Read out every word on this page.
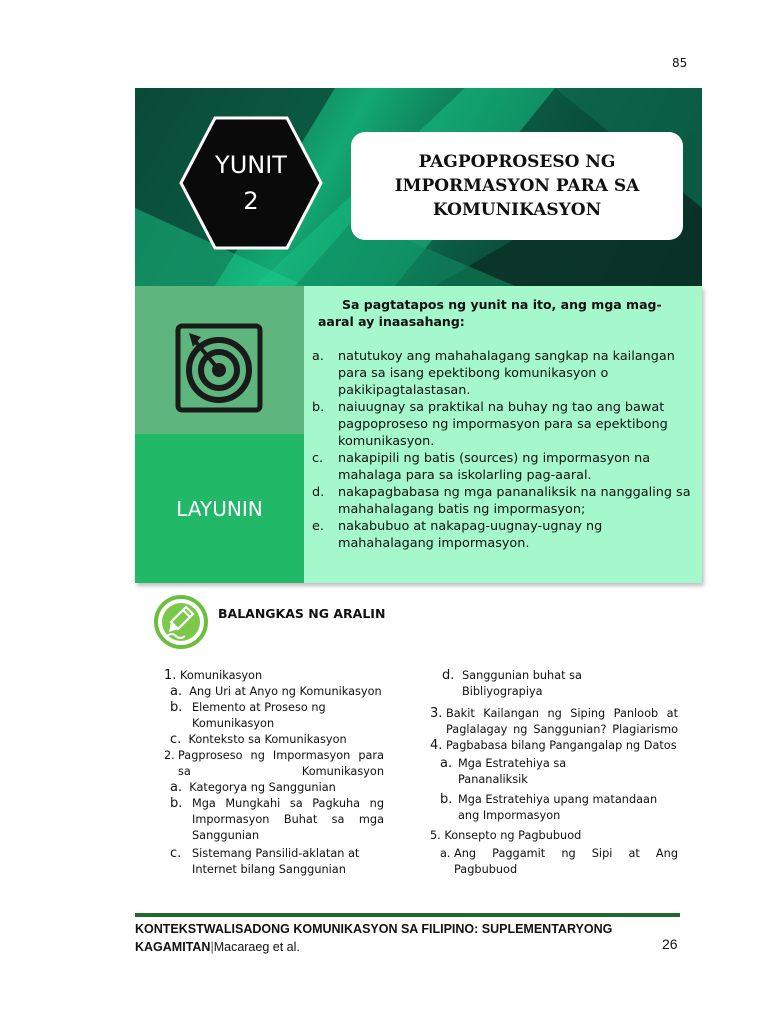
85
YUNIT
2
PAGPOPROSESO NG
IMPORMASYON PARA SA
KOMUNIKASYON
LAYUNIN
Sa pagtatapos ng yunit na ito, ang mga mag-aaral ay inaasahang:
a. natutukoy ang mahahalagang sangkap na kailangan para sa isang epektibong komunikasyon o pakikipagtalastasan.
b. naiuugnay sa praktikal na buhay ng tao ang bawat pagpoproseso ng impormasyon para sa epektibong komunikasyon.
c. nakapipili ng batis (sources) ng impormasyon na mahalaga para sa iskolarling pag-aaral.
d. nakapagbabasa ng mga pananaliksik na nanggaling sa mahahalagang batis ng impormasyon;
e. nakabubuo at nakapag-uugnay-ugnay ng mahahalagang impormasyon.
BALANGKAS NG ARALIN
1. Komunikasyon
a. Ang Uri at Anyo ng Komunikasyon
b. Elemento at Proseso ng Komunikasyon
c. Konteksto sa Komunikasyon
2. Pagproseso ng Impormasyon para sa Komunikasyon
a. Kategorya ng Sanggunian
b. Mga Mungkahi sa Pagkuha ng Impormasyon Buhat sa mga Sanggunian
c. Sistemang Pansilid-aklatan at Internet bilang Sanggunian
d. Sanggunian buhat sa Bibliyograpiya
3. Bakit Kailangan ng Siping Panloob at Paglalagay ng Sanggunian? Plagiarismo
4. Pagbabasa bilang Pangangalap ng Datos
a. Mga Estratehiya sa Pananaliksik
b. Mga Estratehiya upang matandaan ang Impormasyon
5. Konsepto ng Pagbubuod
a. Ang Paggamit ng Sipi at Ang Pagbubuod
KONTEKSTWALISADONG KOMUNIKASYON SA FILIPINO: SUPLEMENTARYONG
KAGAMITAN|Macaraeg et al.	26
